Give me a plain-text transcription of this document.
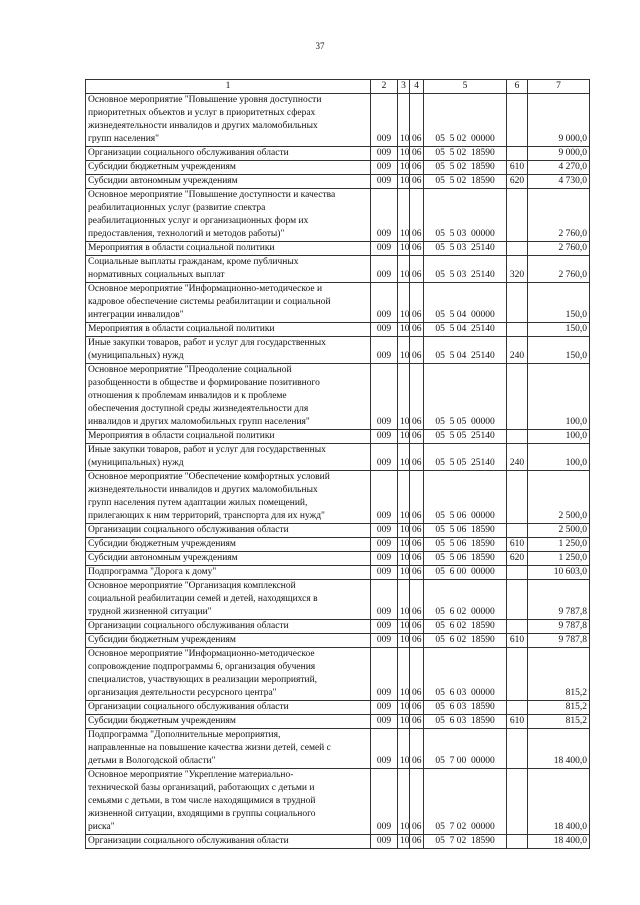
37
1	2	3	4	5	6	7
Основное мероприятие "Повышение уровня доступности
приоритетных объектов и услуг в приоритетных сферах
жизнедеятельности инвалидов и других маломобильных
групп населения"	009	10	06	05  5 02  00000		9 000,0
Организации социального обслуживания области	009	10	06	05  5 02  18590		9 000,0
Субсидии бюджетным учреждениям	009	10	06	05  5 02  18590	610	4 270,0
Субсидии автономным учреждениям	009	10	06	05  5 02  18590	620	4 730,0
Основное мероприятие "Повышение доступности и качества
реабилитационных услуг (развитие спектра
реабилитационных услуг и организационных форм их
предоставления, технологий и методов работы)"	009	10	06	05  5 03  00000		2 760,0
Мероприятия в области социальной политики	009	10	06	05  5 03  25140		2 760,0
Социальные выплаты гражданам, кроме публичных
нормативных социальных выплат	009	10	06	05  5 03  25140	320	2 760,0
Основное мероприятие "Информационно-методическое и
кадровое обеспечение системы реабилитации и социальной
интеграции инвалидов"	009	10	06	05  5 04  00000		150,0
Мероприятия в области социальной политики	009	10	06	05  5 04  25140		150,0
Иные закупки товаров, работ и услуг для государственных
(муниципальных) нужд	009	10	06	05  5 04  25140	240	150,0
Основное мероприятие "Преодоление социальной
разобщенности в обществе и формирование позитивного
отношения к проблемам инвалидов и к проблеме
обеспечения доступной среды жизнедеятельности для
инвалидов и других маломобильных групп населения"	009	10	06	05  5 05  00000		100,0
Мероприятия в области социальной политики	009	10	06	05  5 05  25140		100,0
Иные закупки товаров, работ и услуг для государственных
(муниципальных) нужд	009	10	06	05  5 05  25140	240	100,0
Основное мероприятие "Обеспечение комфортных условий
жизнедеятельности инвалидов и других маломобильных
групп населения путем адаптации жилых помещений,
прилегающих к ним территорий, транспорта для их нужд"	009	10	06	05  5 06  00000		2 500,0
Организации социального обслуживания области	009	10	06	05  5 06  18590		2 500,0
Субсидии бюджетным учреждениям	009	10	06	05  5 06  18590	610	1 250,0
Субсидии автономным учреждениям	009	10	06	05  5 06  18590	620	1 250,0
Подпрограмма "Дорога к дому"	009	10	06	05  6 00  00000		10 603,0
Основное мероприятие "Организация комплексной
социальной реабилитации семей и детей, находящихся в
трудной жизненной ситуации"	009	10	06	05  6 02  00000		9 787,8
Организации социального обслуживания области	009	10	06	05  6 02  18590		9 787,8
Субсидии бюджетным учреждениям	009	10	06	05  6 02  18590	610	9 787,8
Основное мероприятие "Информационно-методическое
сопровождение подпрограммы 6, организация обучения
специалистов, участвующих в реализации мероприятий,
организация деятельности ресурсного центра"	009	10	06	05  6 03  00000		815,2
Организации социального обслуживания области	009	10	06	05  6 03  18590		815,2
Субсидии бюджетным учреждениям	009	10	06	05  6 03  18590	610	815,2
Подпрограмма "Дополнительные мероприятия,
направленные на повышение качества жизни детей, семей с
детьми в Вологодской области"	009	10	06	05  7 00  00000		18 400,0
Основное мероприятие "Укрепление материально-
технической базы организаций, работающих с детьми и
семьями с детьми, в том числе находящимися в трудной
жизненной ситуации, входящими в группы социального
риска"	009	10	06	05  7 02  00000		18 400,0
Организации социального обслуживания области	009	10	06	05  7 02  18590		18 400,0
